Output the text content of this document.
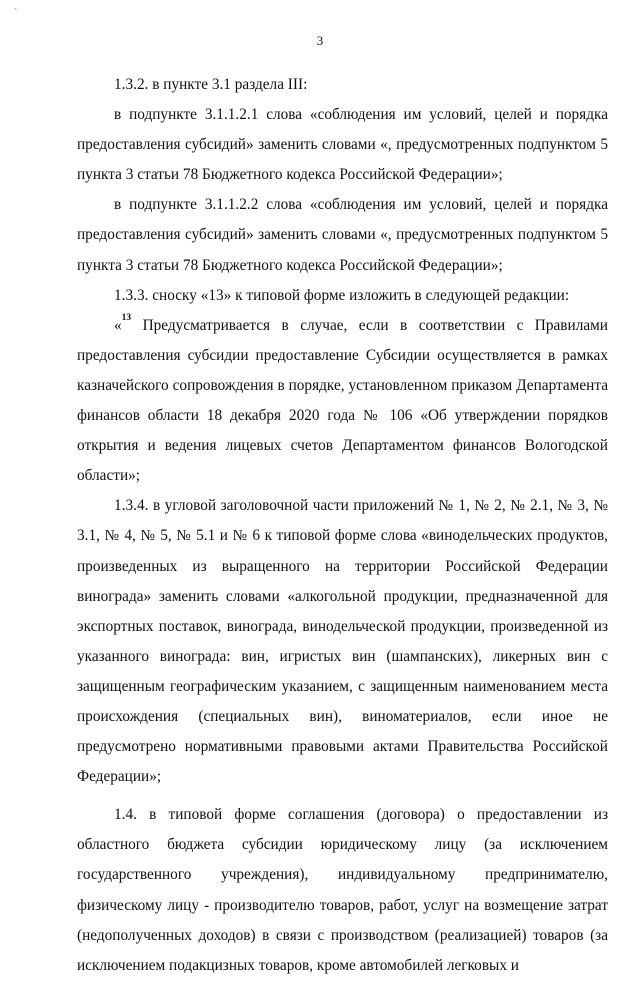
ˋ
3

1.3.2. в пункте 3.1 раздела III:

в подпункте 3.1.1.2.1 слова «соблюдения им условий, целей и порядка предоставления субсидий» заменить словами «, предусмотренных подпунктом 5 пункта 3 статьи 78 Бюджетного кодекса Российской Федерации»;

в подпункте 3.1.1.2.2 слова «соблюдения им условий, целей и порядка предоставления субсидий» заменить словами «, предусмотренных подпунктом 5 пункта 3 статьи 78 Бюджетного кодекса Российской Федерации»;

1.3.3. сноску «13» к типовой форме изложить в следующей редакции:

«$^{13}$ Предусматривается в случае, если в соответствии с Правилами предоставления субсидии предоставление Субсидии осуществляется в рамках казначейского сопровождения в порядке, установленном приказом Департамента финансов области 18 декабря 2020 года № 106 «Об утверждении порядков открытия и ведения лицевых счетов Департаментом финансов Вологодской области»;

1.3.4. в угловой заголовочной части приложений № 1, № 2, № 2.1, № 3, № 3.1, № 4, № 5, № 5.1 и № 6 к типовой форме слова «винодельческих продуктов, произведенных из выращенного на территории Российской Федерации винограда» заменить словами «алкогольной продукции, предназначенной для экспортных поставок, винограда, винодельческой продукции, произведенной из указанного винограда: вин, игристых вин (шампанских), ликерных вин с защищенным географическим указанием, с защищенным наименованием места происхождения (специальных вин), виноматериалов, если иное не предусмотрено нормативными правовыми актами Правительства Российской Федерации»;

1.4. в типовой форме соглашения (договора) о предоставлении из областного бюджета субсидии юридическому лицу (за исключением государственного учреждения), индивидуальному предпринимателю, физическому лицу - производителю товаров, работ, услуг на возмещение затрат (недополученных доходов) в связи с производством (реализацией) товаров (за исключением подакцизных товаров, кроме автомобилей легковых и
